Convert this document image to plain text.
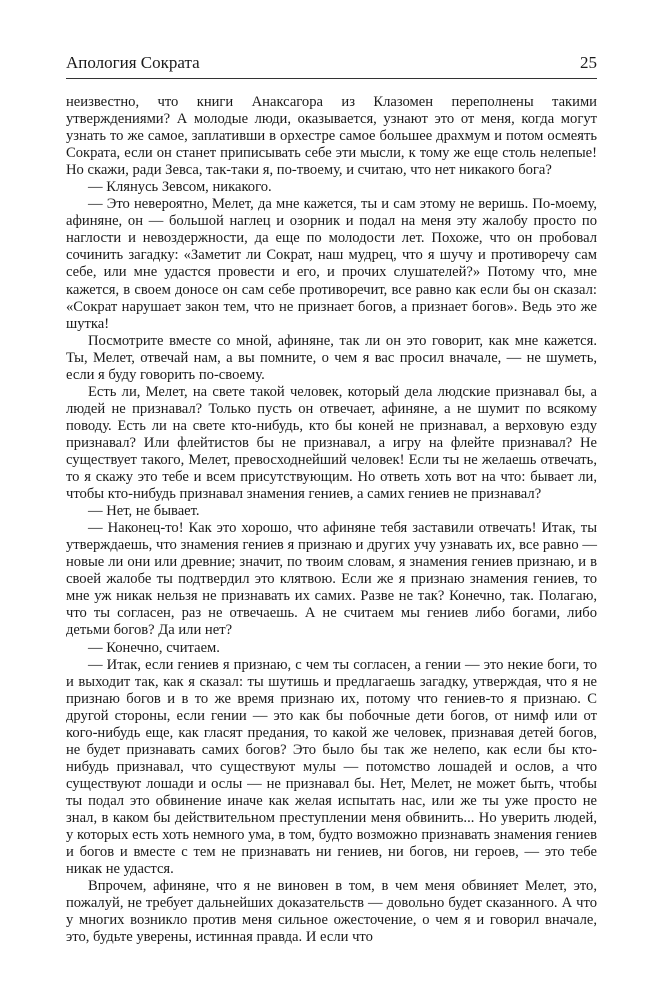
Апология Сократа	25

неизвестно, что книги Анаксагора из Клазомен переполнены такими утверждениями? А молодые люди, оказывается, узнают это от меня, когда могут узнать то же самое, заплативши в орхестре самое большее драхмум и потом осмеять Сократа, если он станет приписывать себе эти мысли, к тому же еще столь нелепые! Но скажи, ради Зевса, так-таки я, по-твоему, и считаю, что нет никакого бога?

— Клянусь Зевсом, никакого.

— Это невероятно, Мелет, да мне кажется, ты и сам этому не веришь. По-моему, афиняне, он — большой наглец и озорник и подал на меня эту жалобу просто по наглости и невоздержности, да еще по молодости лет. Похоже, что он пробовал сочинить загадку: «Заметит ли Сократ, наш мудрец, что я шучу и противоречу сам себе, или мне удастся провести и его, и прочих слушателей?» Потому что, мне кажется, в своем доносе он сам себе противоречит, все равно как если бы он сказал: «Сократ нарушает закон тем, что не признает богов, а признает богов». Ведь это же шутка!

Посмотрите вместе со мной, афиняне, так ли он это говорит, как мне кажется. Ты, Мелет, отвечай нам, а вы помните, о чем я вас просил вначале, — не шуметь, если я буду говорить по-своему.

Есть ли, Мелет, на свете такой человек, который дела людские признавал бы, а людей не признавал? Только пусть он отвечает, афиняне, а не шумит по всякому поводу. Есть ли на свете кто-нибудь, кто бы коней не признавал, а верховую езду признавал? Или флейтистов бы не признавал, а игру на флейте признавал? Не существует такого, Мелет, превосходнейший человек! Если ты не желаешь отвечать, то я скажу это тебе и всем присутствующим. Но ответь хоть вот на что: бывает ли, чтобы кто-нибудь признавал знамения гениев, а самих гениев не признавал?

— Нет, не бывает.

— Наконец-то! Как это хорошо, что афиняне тебя заставили отвечать! Итак, ты утверждаешь, что знамения гениев я признаю и других учу узнавать их, все равно — новые ли они или древние; значит, по твоим словам, я знамения гениев признаю, и в своей жалобе ты подтвердил это клятвою. Если же я признаю знамения гениев, то мне уж никак нельзя не признавать их самих. Разве не так? Конечно, так. Полагаю, что ты согласен, раз не отвечаешь. А не считаем мы гениев либо богами, либо детьми богов? Да или нет?

— Конечно, считаем.

— Итак, если гениев я признаю, с чем ты согласен, а гении — это некие боги, то и выходит так, как я сказал: ты шутишь и предлагаешь загадку, утверждая, что я не признаю богов и в то же время признаю их, потому что гениев-то я признаю. С другой стороны, если гении — это как бы побочные дети богов, от нимф или от кого-нибудь еще, как гласят предания, то какой же человек, признавая детей богов, не будет признавать самих богов? Это было бы так же нелепо, как если бы кто-нибудь признавал, что существуют мулы — потомство лошадей и ослов, а что существуют лошади и ослы — не признавал бы. Нет, Мелет, не может быть, чтобы ты подал это обвинение иначе как желая испытать нас, или же ты уже просто не знал, в каком бы действительном преступлении меня обвинить... Но уверить людей, у которых есть хоть немного ума, в том, будто возможно признавать знамения гениев и богов и вместе с тем не признавать ни гениев, ни богов, ни героев, — это тебе никак не удастся.

Впрочем, афиняне, что я не виновен в том, в чем меня обвиняет Мелет, это, пожалуй, не требует дальнейших доказательств — довольно будет сказанного. А что у многих возникло против меня сильное ожесточение, о чем я и говорил вначале, это, будьте уверены, истинная правда. И если что
